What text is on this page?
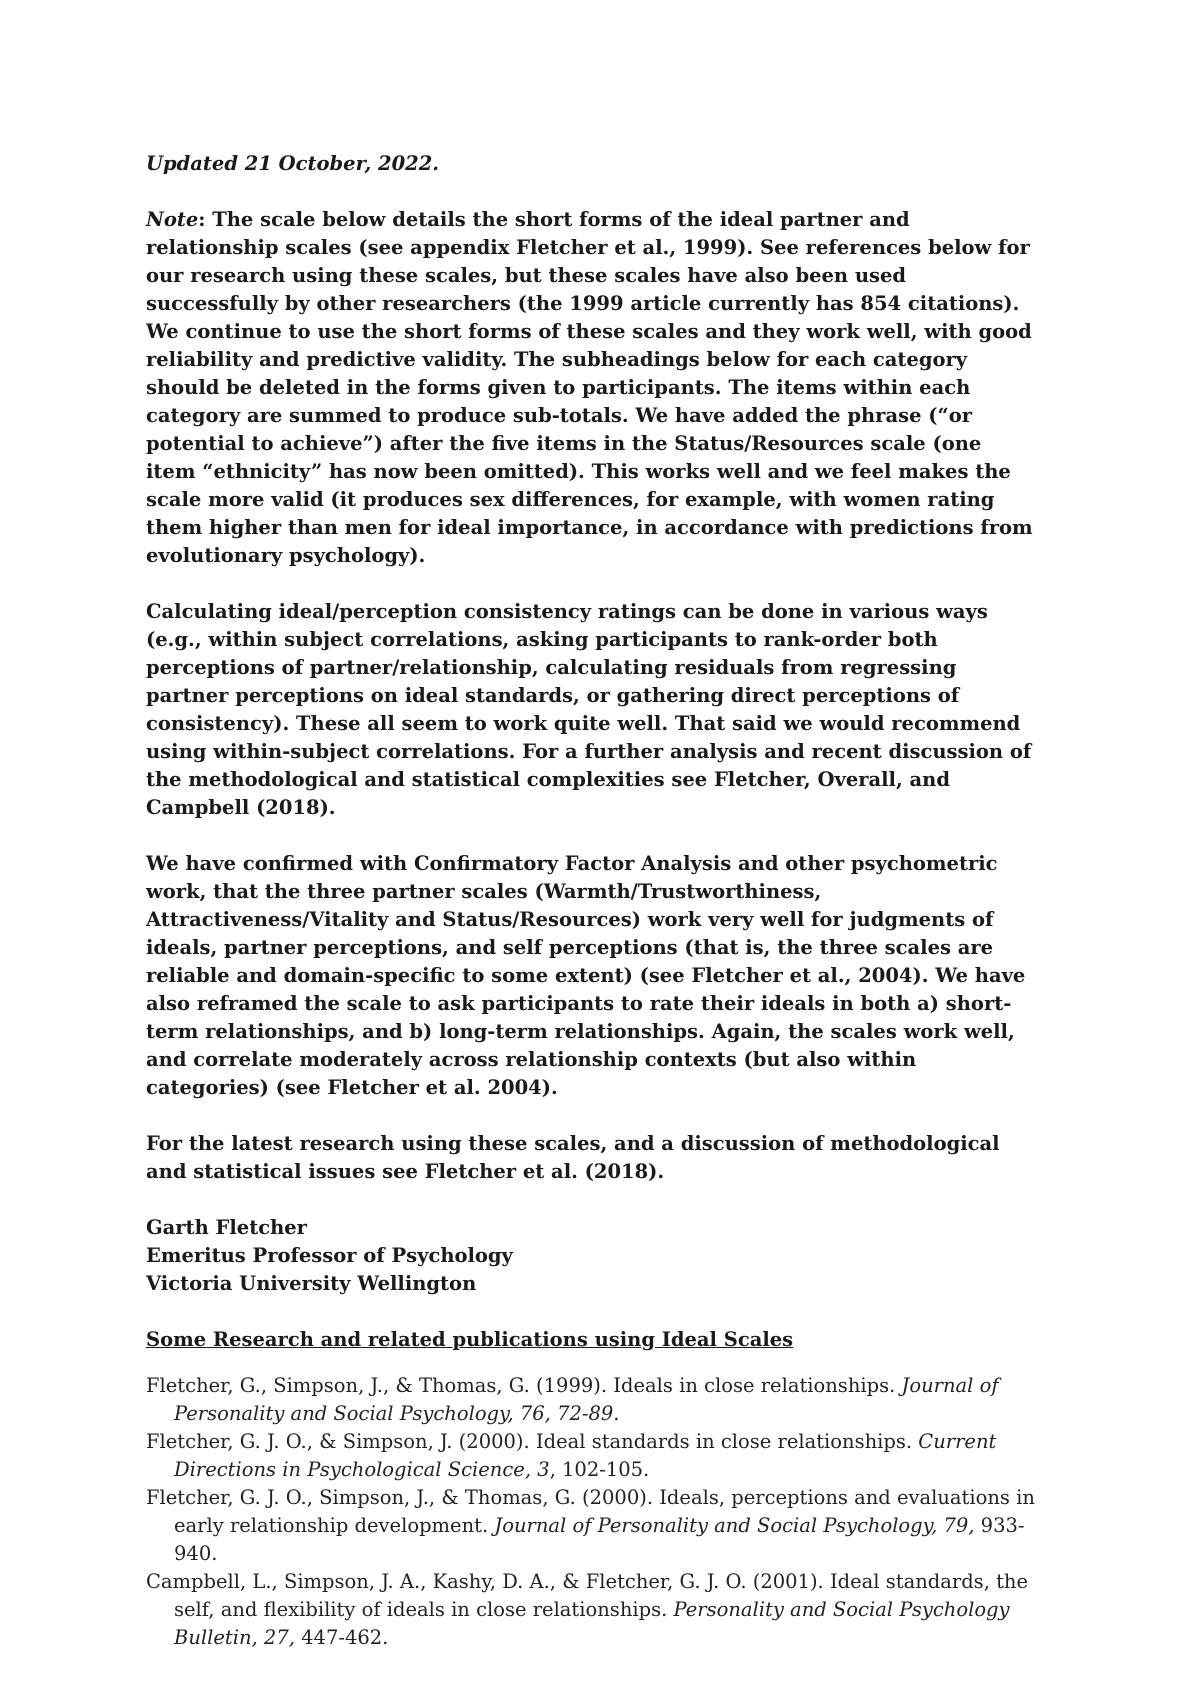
Updated 21 October, 2022.

Note: The scale below details the short forms of the ideal partner and relationship scales (see appendix Fletcher et al., 1999). See references below for our research using these scales, but these scales have also been used successfully by other researchers (the 1999 article currently has 854 citations). We continue to use the short forms of these scales and they work well, with good reliability and predictive validity. The subheadings below for each category should be deleted in the forms given to participants. The items within each category are summed to produce sub-totals. We have added the phrase (“or potential to achieve”) after the five items in the Status/Resources scale (one item “ethnicity” has now been omitted). This works well and we feel makes the scale more valid (it produces sex differences, for example, with women rating them higher than men for ideal importance, in accordance with predictions from evolutionary psychology).

Calculating ideal/perception consistency ratings can be done in various ways (e.g., within subject correlations, asking participants to rank-order both perceptions of partner/relationship, calculating residuals from regressing partner perceptions on ideal standards, or gathering direct perceptions of consistency). These all seem to work quite well. That said we would recommend using within-subject correlations. For a further analysis and recent discussion of the methodological and statistical complexities see Fletcher, Overall, and Campbell (2018).

We have confirmed with Confirmatory Factor Analysis and other psychometric work, that the three partner scales (Warmth/Trustworthiness, Attractiveness/Vitality and Status/Resources) work very well for judgments of ideals, partner perceptions, and self perceptions (that is, the three scales are reliable and domain-specific to some extent) (see Fletcher et al., 2004). We have also reframed the scale to ask participants to rate their ideals in both a) short-term relationships, and b) long-term relationships. Again, the scales work well, and correlate moderately across relationship contexts (but also within categories) (see Fletcher et al. 2004).

For the latest research using these scales, and a discussion of methodological and statistical issues see Fletcher et al. (2018).

Garth Fletcher
Emeritus Professor of Psychology
Victoria University Wellington
Some Research and related publications using Ideal Scales
Fletcher, G., Simpson, J., & Thomas, G. (1999). Ideals in close relationships. Journal of Personality and Social Psychology, 76, 72-89.
Fletcher, G. J. O., & Simpson, J. (2000). Ideal standards in close relationships. Current Directions in Psychological Science, 3, 102-105.
Fletcher, G. J. O., Simpson, J., & Thomas, G. (2000). Ideals, perceptions and evaluations in early relationship development. Journal of Personality and Social Psychology, 79, 933-940.
Campbell, L., Simpson, J. A., Kashy, D. A., & Fletcher, G. J. O. (2001). Ideal standards, the self, and flexibility of ideals in close relationships. Personality and Social Psychology Bulletin, 27, 447-462.
